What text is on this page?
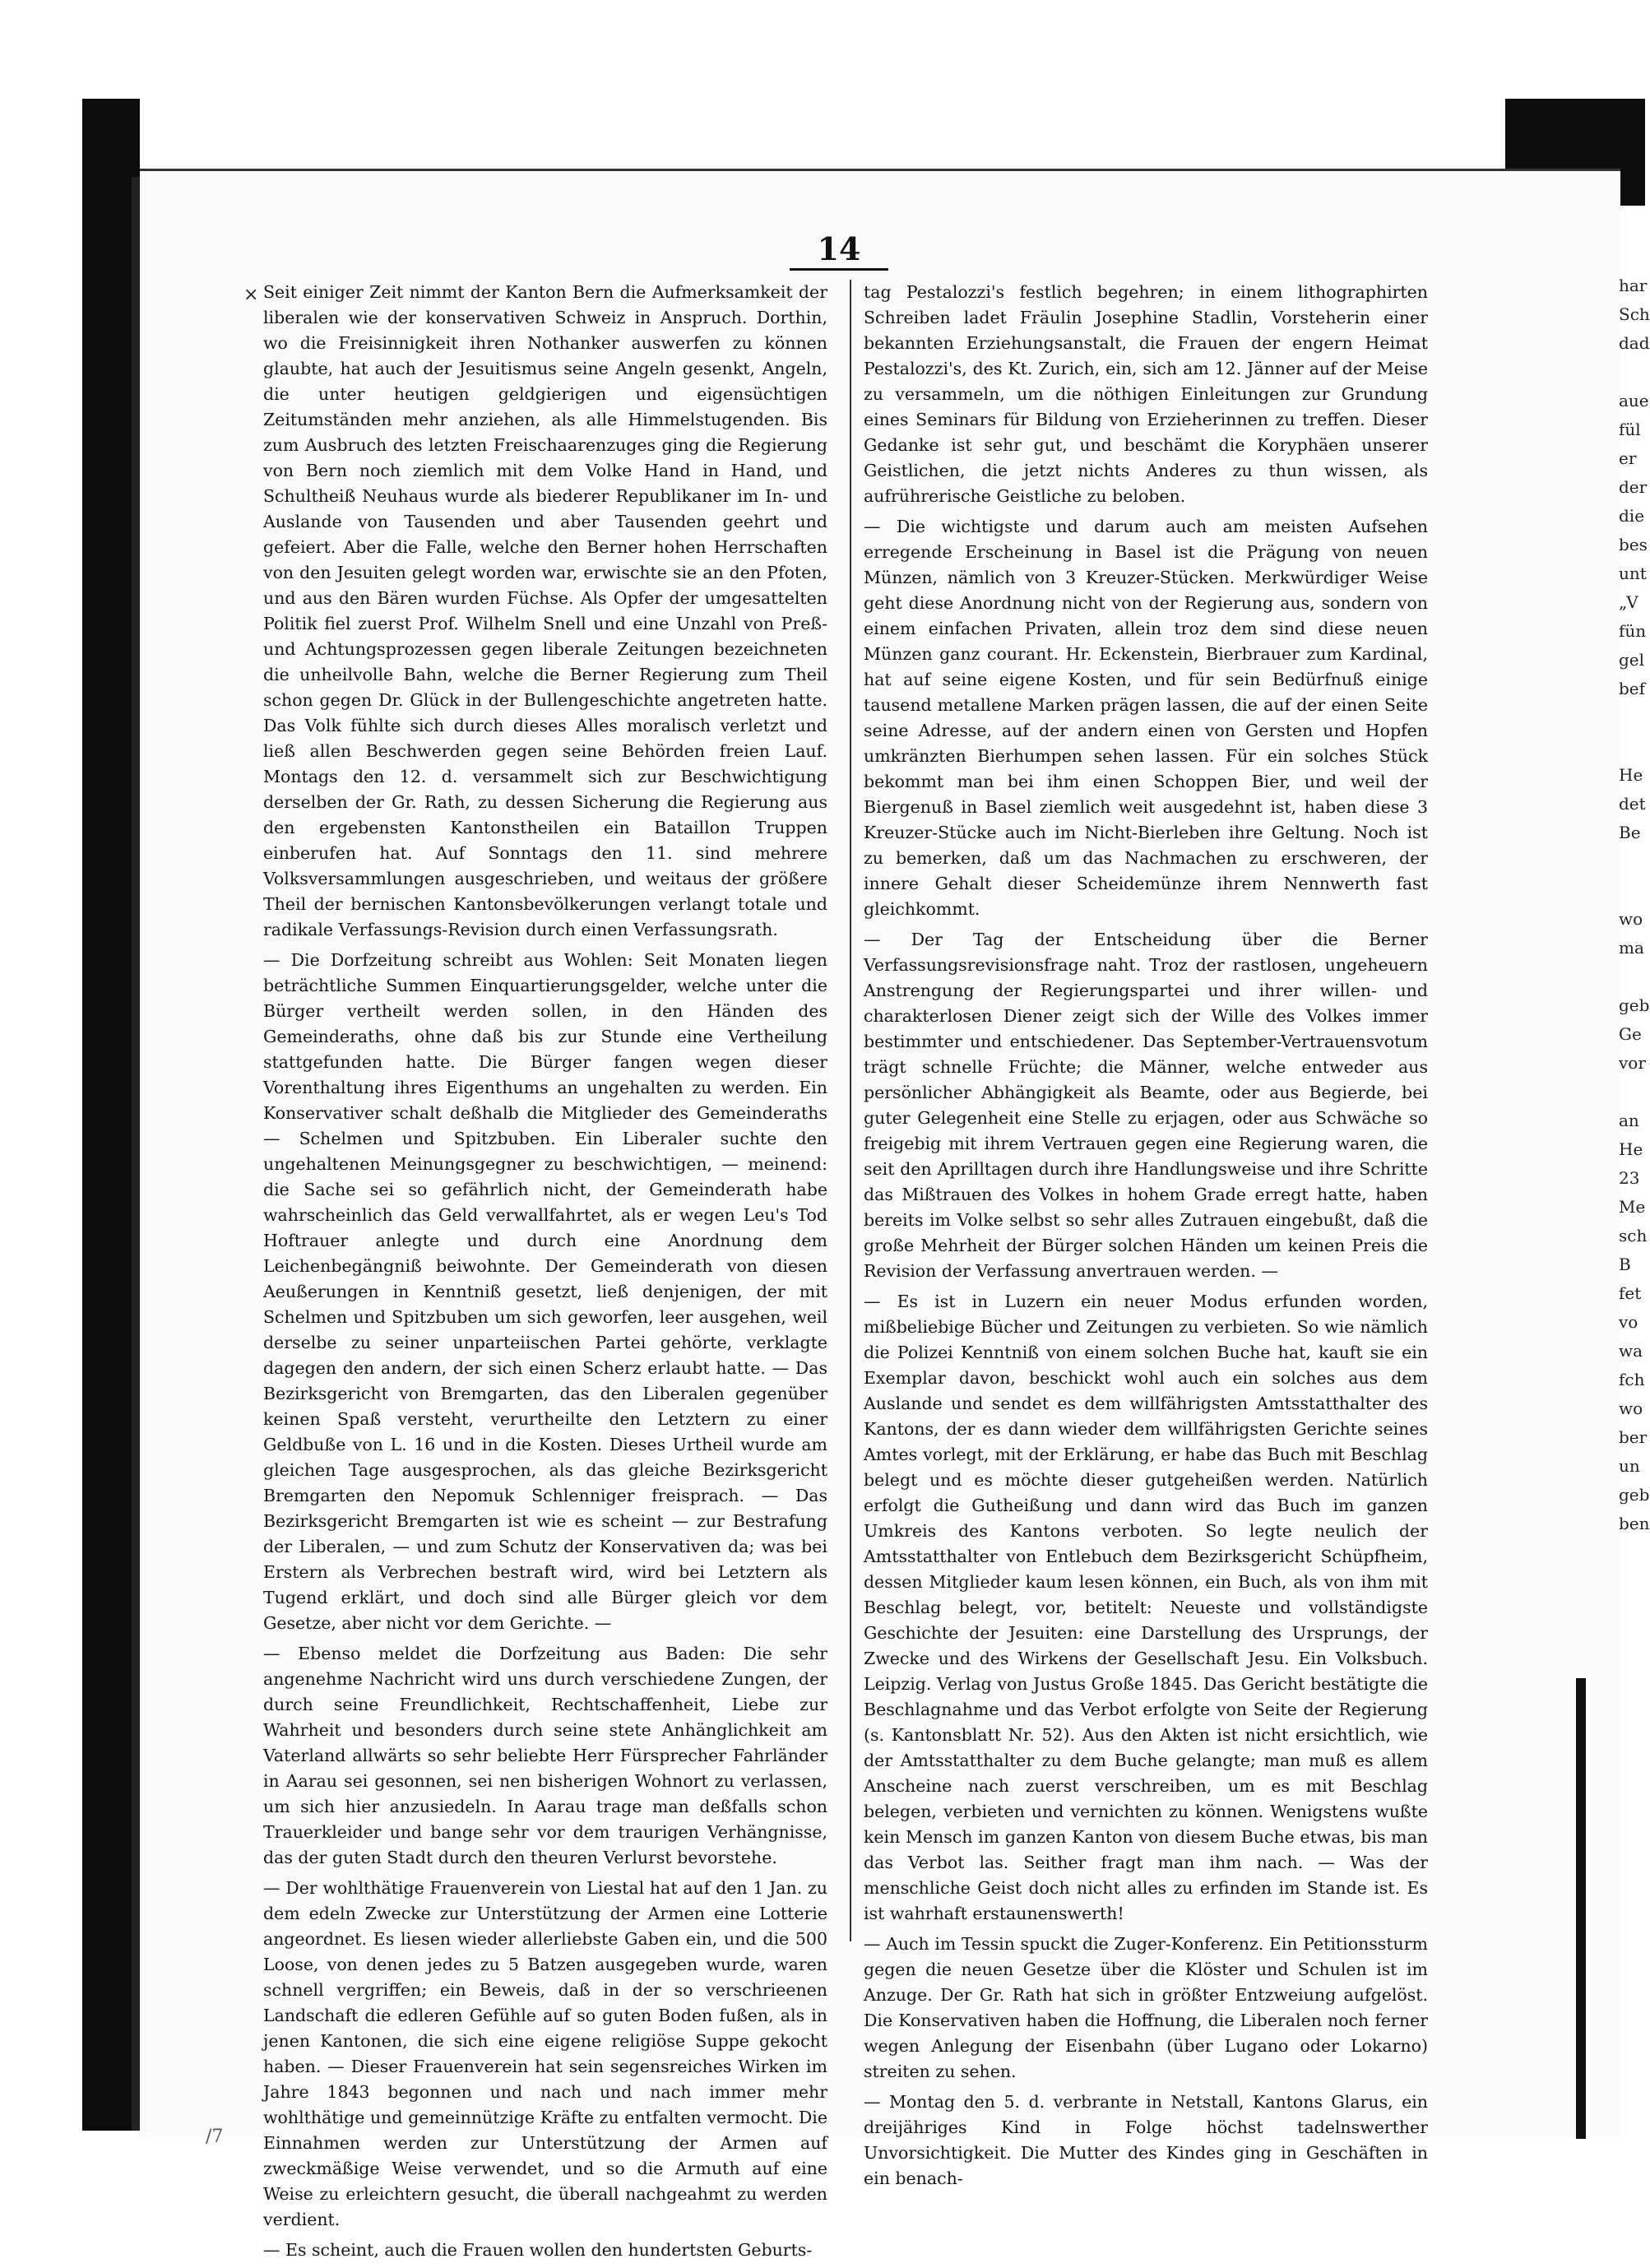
14
× Seit einiger Zeit nimmt der Kanton Bern die Aufmerksamkeit der liberalen wie der konservativen Schweiz in Anspruch. Dorthin, wo die Freisinnigkeit ihren Nothanker auswerfen zu können glaubte, hat auch der Jesuitismus seine Angeln gesenkt, Angeln, die unter heutigen geldgierigen und eigensüchtigen Zeitumständen mehr anziehen, als alle Himmelstugenden. Bis zum Ausbruch des letzten Freischaarenzuges ging die Regierung von Bern noch ziemlich mit dem Volke Hand in Hand, und Schultheiß Neuhaus wurde als biederer Republikaner im In- und Auslande von Tausenden und aber Tausenden geehrt und gefeiert. Aber die Falle, welche den Berner hohen Herrschaften von den Jesuiten gelegt worden war, erwischte sie an den Pfoten, und aus den Bären wurden Füchse. Als Opfer der umgesattelten Politik fiel zuerst Prof. Wilhelm Snell und eine Unzahl von Preß- und Achtungsprozessen gegen liberale Zeitungen bezeichneten die unheilvolle Bahn, welche die Berner Regierung zum Theil schon gegen Dr. Glück in der Bullengeschichte angetreten hatte. Das Volk fühlte sich durch dieses Alles moralisch verletzt und ließ allen Beschwerden gegen seine Behörden freien Lauf. Montags den 12. d. versammelt sich zur Beschwichtigung derselben der Gr. Rath, zu dessen Sicherung die Regierung aus den ergebensten Kantonstheilen ein Bataillon Truppen einberufen hat. Auf Sonntags den 11. sind mehrere Volksversammlungen ausgeschrieben, und weitaus der größere Theil der bernischen Kantonsbevölkerungen verlangt totale und radikale Verfassungs-Revision durch einen Verfassungsrath.

— Die Dorfzeitung schreibt aus Wohlen: Seit Monaten liegen beträchtliche Summen Einquartierungsgelder, welche unter die Bürger vertheilt werden sollen, in den Händen des Gemeinderaths, ohne daß bis zur Stunde eine Vertheilung stattgefunden hatte. Die Bürger fangen wegen dieser Vorenthaltung ihres Eigenthums an ungehalten zu werden. Ein Konservativer schalt deßhalb die Mitglieder des Gemeinderaths — Schelmen und Spitzbuben. Ein Liberaler suchte den ungehaltenen Meinungsgegner zu beschwichtigen, — meinend: die Sache sei so gefährlich nicht, der Gemeinderath habe wahrscheinlich das Geld verwallfahrtet, als er wegen Leu's Tod Hoftrauer anlegte und durch eine Anordnung dem Leichenbegängniß beiwohnte. Der Gemeinderath von diesen Aeußerungen in Kenntniß gesetzt, ließ denjenigen, der mit Schelmen und Spitzbuben um sich geworfen, leer ausgehen, weil derselbe zu seiner unparteiischen Partei gehörte, verklagte dagegen den andern, der sich einen Scherz erlaubt hatte. — Das Bezirksgericht von Bremgarten, das den Liberalen gegenüber keinen Spaß versteht, verurtheilte den Letztern zu einer Geldbuße von L. 16 und in die Kosten. Dieses Urtheil wurde am gleichen Tage ausgesprochen, als das gleiche Bezirksgericht Bremgarten den Nepomuk Schlenniger freisprach. — Das Bezirksgericht Bremgarten ist wie es scheint — zur Bestrafung der Liberalen, — und zum Schutz der Konservativen da; was bei Erstern als Verbrechen bestraft wird, wird bei Letztern als Tugend erklärt, und doch sind alle Bürger gleich vor dem Gesetze, aber nicht vor dem Gerichte. —

— Ebenso meldet die Dorfzeitung aus Baden: Die sehr angenehme Nachricht wird uns durch verschiedene Zungen, der durch seine Freundlichkeit, Rechtschaffenheit, Liebe zur Wahrheit und besonders durch seine stete Anhänglichkeit am Vaterland allwärts so sehr beliebte Herr Fürsprecher Fahrländer in Aarau sei gesonnen, sei nen bisherigen Wohnort zu verlassen, um sich hier anzusiedeln. In Aarau trage man deßfalls schon Trauerkleider und bange sehr vor dem traurigen Verhängnisse, das der guten Stadt durch den theuren Verlurst bevorstehe.

— Der wohlthätige Frauenverein von Liestal hat auf den 1 Jan. zu dem edeln Zwecke zur Unterstützung der Armen eine Lotterie angeordnet. Es liesen wieder allerliebste Gaben ein, und die 500 Loose, von denen jedes zu 5 Batzen ausgegeben wurde, waren schnell vergriffen; ein Beweis, daß in der so verschrieenen Landschaft die edleren Gefühle auf so guten Boden fußen, als in jenen Kantonen, die sich eine eigene religiöse Suppe gekocht haben. — Dieser Frauenverein hat sein segensreiches Wirken im Jahre 1843 begonnen und nach und nach immer mehr wohlthätige und gemeinnützige Kräfte zu entfalten vermocht. Die Einnahmen werden zur Unterstützung der Armen auf zweckmäßige Weise verwendet, und so die Armuth auf eine Weise zu erleichtern gesucht, die überall nachgeahmt zu werden verdient.

— Es scheint, auch die Frauen wollen den hundertsten Geburts-

tag Pestalozzi's festlich begehren; in einem lithographirten Schreiben ladet Fräulin Josephine Stadlin, Vorsteherin einer bekannten Erziehungsanstalt, die Frauen der engern Heimat Pestalozzi's, des Kt. Zurich, ein, sich am 12. Jänner auf der Meise zu versammeln, um die nöthigen Einleitungen zur Grundung eines Seminars für Bildung von Erzieherinnen zu treffen. Dieser Gedanke ist sehr gut, und beschämt die Koryphäen unserer Geistlichen, die jetzt nichts Anderes zu thun wissen, als aufrührerische Geistliche zu beloben.

— Die wichtigste und darum auch am meisten Aufsehen erregende Erscheinung in Basel ist die Prägung von neuen Münzen, nämlich von 3 Kreuzer-Stücken. Merkwürdiger Weise geht diese Anordnung nicht von der Regierung aus, sondern von einem einfachen Privaten, allein troz dem sind diese neuen Münzen ganz courant. Hr. Eckenstein, Bierbrauer zum Kardinal, hat auf seine eigene Kosten, und für sein Bedürfnuß einige tausend metallene Marken prägen lassen, die auf der einen Seite seine Adresse, auf der andern einen von Gersten und Hopfen umkränzten Bierhumpen sehen lassen. Für ein solches Stück bekommt man bei ihm einen Schoppen Bier, und weil der Biergenuß in Basel ziemlich weit ausgedehnt ist, haben diese 3 Kreuzer-Stücke auch im Nicht-Bierleben ihre Geltung. Noch ist zu bemerken, daß um das Nachmachen zu erschweren, der innere Gehalt dieser Scheidemünze ihrem Nennwerth fast gleichkommt.

— Der Tag der Entscheidung über die Berner Verfassungsrevisionsfrage naht. Troz der rastlosen, ungeheuern Anstrengung der Regierungspartei und ihrer willen- und charakterlosen Diener zeigt sich der Wille des Volkes immer bestimmter und entschiedener. Das September-Vertrauensvotum trägt schnelle Früchte; die Männer, welche entweder aus persönlicher Abhängigkeit als Beamte, oder aus Begierde, bei guter Gelegenheit eine Stelle zu erjagen, oder aus Schwäche so freigebig mit ihrem Vertrauen gegen eine Regierung waren, die seit den Aprilltagen durch ihre Handlungsweise und ihre Schritte das Mißtrauen des Volkes in hohem Grade erregt hatte, haben bereits im Volke selbst so sehr alles Zutrauen eingebußt, daß die große Mehrheit der Bürger solchen Händen um keinen Preis die Revision der Verfassung anvertrauen werden. —

— Es ist in Luzern ein neuer Modus erfunden worden, mißbeliebige Bücher und Zeitungen zu verbieten. So wie nämlich die Polizei Kenntniß von einem solchen Buche hat, kauft sie ein Exemplar davon, beschickt wohl auch ein solches aus dem Auslande und sendet es dem willfährigsten Amtsstatthalter des Kantons, der es dann wieder dem willfährigsten Gerichte seines Amtes vorlegt, mit der Erklärung, er habe das Buch mit Beschlag belegt und es möchte dieser gutgeheißen werden. Natürlich erfolgt die Gutheißung und dann wird das Buch im ganzen Umkreis des Kantons verboten. So legte neulich der Amtsstatthalter von Entlebuch dem Bezirksgericht Schüpfheim, dessen Mitglieder kaum lesen können, ein Buch, als von ihm mit Beschlag belegt, vor, betitelt: Neueste und vollständigste Geschichte der Jesuiten: eine Darstellung des Ursprungs, der Zwecke und des Wirkens der Gesellschaft Jesu. Ein Volksbuch. Leipzig. Verlag von Justus Große 1845. Das Gericht bestätigte die Beschlagnahme und das Verbot erfolgte von Seite der Regierung (s. Kantonsblatt Nr. 52). Aus den Akten ist nicht ersichtlich, wie der Amtsstatthalter zu dem Buche gelangte; man muß es allem Anscheine nach zuerst verschreiben, um es mit Beschlag belegen, verbieten und vernichten zu können. Wenigstens wußte kein Mensch im ganzen Kanton von diesem Buche etwas, bis man das Verbot las. Seither fragt man ihm nach. — Was der menschliche Geist doch nicht alles zu erfinden im Stande ist. Es ist wahrhaft erstaunenswerth!

— Auch im Tessin spuckt die Zuger-Konferenz. Ein Petitionssturm gegen die neuen Gesetze über die Klöster und Schulen ist im Anzuge. Der Gr. Rath hat sich in größter Entzweiung aufgelöst. Die Konservativen haben die Hoffnung, die Liberalen noch ferner wegen Anlegung der Eisenbahn (über Lugano oder Lokarno) streiten zu sehen.

— Montag den 5. d. verbrante in Netstall, Kantons Glarus, ein dreijähriges Kind in Folge höchst tadelnswerther Unvorsichtigkeit. Die Mutter des Kindes ging in Geschäften in ein benach-

har
Sch
dad
aue
fül
er
der
die
bes
unt
„V
fün
gel
bef
He
det
Be
wo
ma
geb
Ge
vor
an
He
23
Me
sch
B
fet
vo
wa
fch
wo
ber
un
geb
ben
/7
